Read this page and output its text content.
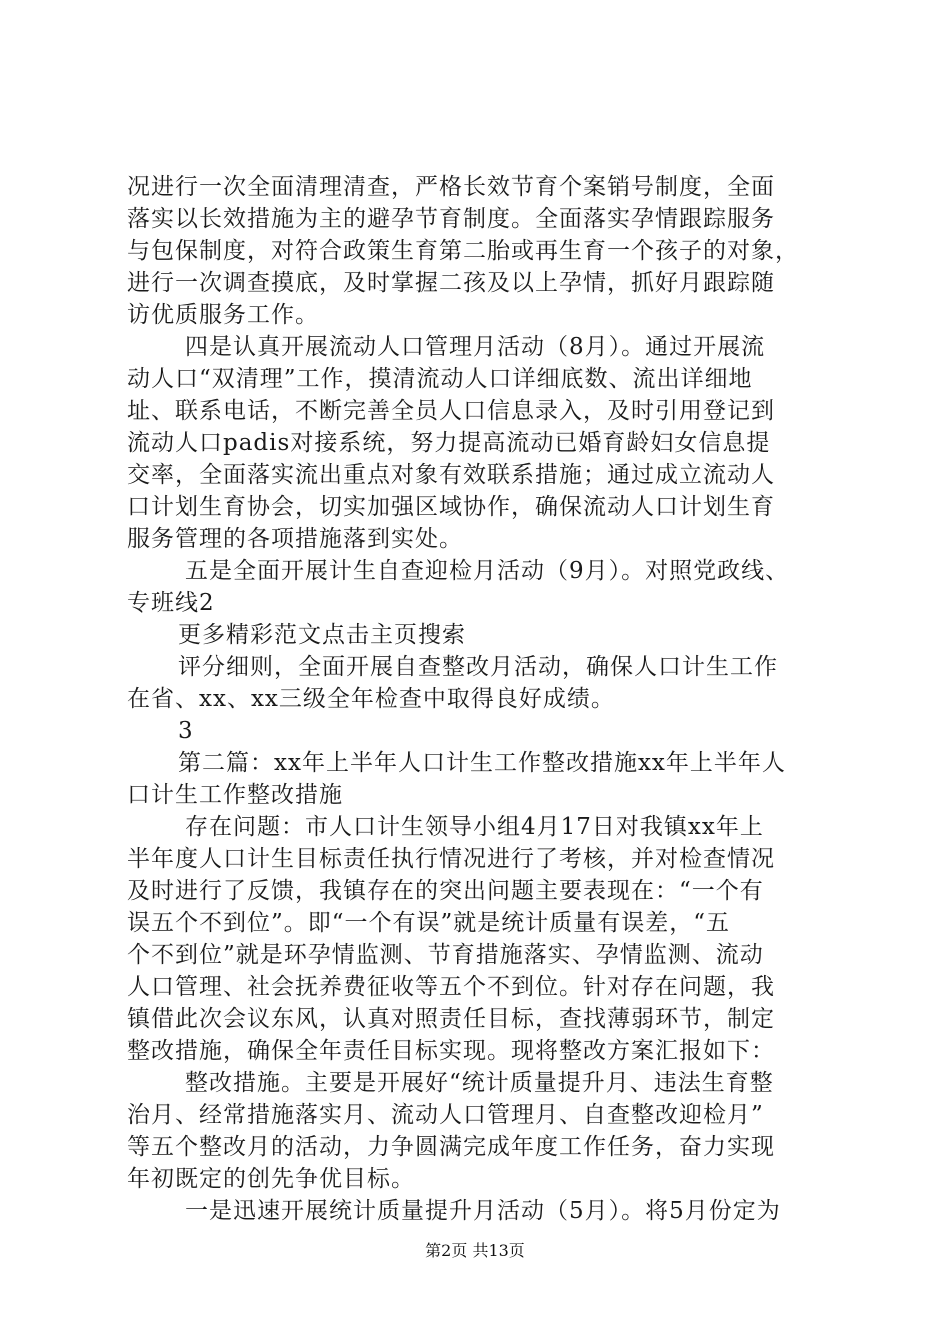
况进行一次全面清理清查，严格长效节育个案销号制度，全面
落实以长效措施为主的避孕节育制度。全面落实孕情跟踪服务
与包保制度，对符合政策生育第二胎或再生育一个孩子的对象，
进行一次调查摸底，及时掌握二孩及以上孕情，抓好月跟踪随
访优质服务工作。
四是认真开展流动人口管理月活动（8月）。通过开展流
动人口“双清理”工作，摸清流动人口详细底数、流出详细地
址、联系电话，不断完善全员人口信息录入，及时引用登记到
流动人口padis对接系统，努力提高流动已婚育龄妇女信息提
交率，全面落实流出重点对象有效联系措施；通过成立流动人
口计划生育协会，切实加强区域协作，确保流动人口计划生育
服务管理的各项措施落到实处。
五是全面开展计生自查迎检月活动（9月）。对照党政线、
专班线2
更多精彩范文点击主页搜索
评分细则，全面开展自查整改月活动，确保人口计生工作
在省、xx、xx三级全年检查中取得良好成绩。
3
第二篇：xx年上半年人口计生工作整改措施xx年上半年人
口计生工作整改措施
存在问题：市人口计生领导小组4月17日对我镇xx年上
半年度人口计生目标责任执行情况进行了考核，并对检查情况
及时进行了反馈，我镇存在的突出问题主要表现在：“一个有
误五个不到位”。即“一个有误”就是统计质量有误差，“五
个不到位”就是环孕情监测、节育措施落实、孕情监测、流动
人口管理、社会抚养费征收等五个不到位。针对存在问题，我
镇借此次会议东风，认真对照责任目标，查找薄弱环节，制定
整改措施，确保全年责任目标实现。现将整改方案汇报如下：
整改措施。主要是开展好“统计质量提升月、违法生育整
治月、经常措施落实月、流动人口管理月、自查整改迎检月”
等五个整改月的活动，力争圆满完成年度工作任务，奋力实现
年初既定的创先争优目标。
一是迅速开展统计质量提升月活动（5月）。将5月份定为
第2页 共13页
